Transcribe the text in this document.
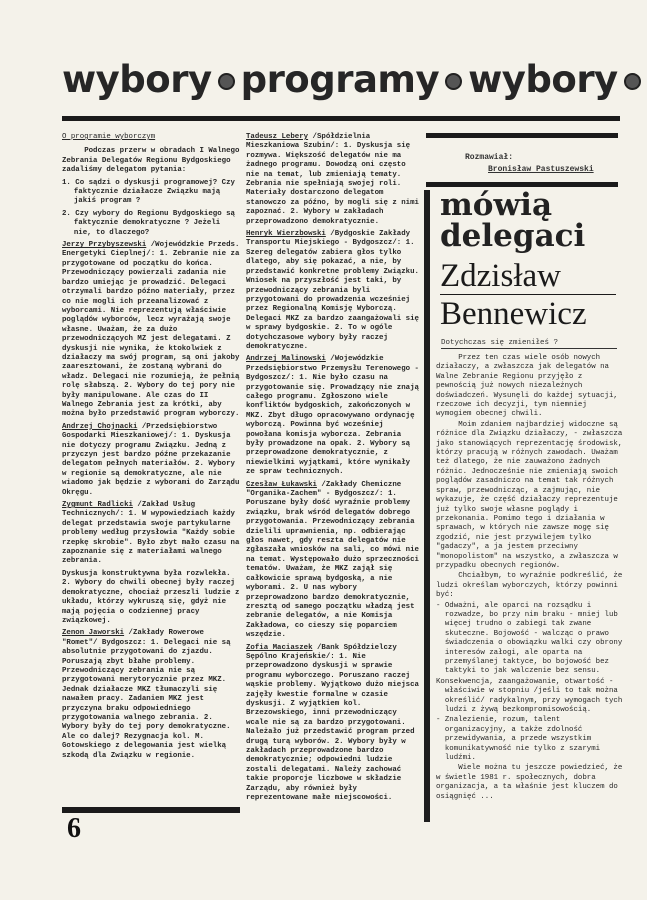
wybory programy wybory

O programie wyborczym

Podczas przerw w obradach I Walnego Zebrania Delegatów Regionu Bydgoskiego zadaliśmy delegatom pytania:

1. Co sądzi o dyskusji programowej? Czy faktycznie działacze Związku mają jakiś program ?

2. Czy wybory do Regionu Bydgoskiego są faktycznie demokratyczne ? Jeżeli nie, to dlaczego?

Jerzy Przybyszewski /Wojewódzkie Przeds. Energetyki Cieplnej/: 1. Zebranie nie za przygotowane od początku do końca. Przewodniczący powierzali zadania nie bardzo umiejąc je prowadzić. Delegaci otrzymali bardzo późno materiały, przez co nie mogli ich przeanalizować z wyborcami. Nie reprezentują właściwie poglądów wyborców, lecz wyrażają swoje własne. Uważam, że za dużo przewodniczących MZ jest delegatami. Z dyskusji nie wynika, że ktokolwiek z działaczy ma swój program, są oni jakoby zaaresztowani, że zostaną wybrani do władz. Delegaci nie rozumieją, że pełnią rolę słabszą. 2. Wybory do tej pory nie były manipulowane. Ale czas do II Walnego Zebrania jest za krótki, aby można było przedstawić program wyborczy.

Andrzej Chojnacki /Przedsiębiorstwo Gospodarki Mieszkaniowej/: 1. Dyskusja nie dotyczy programu Związku. Jedną z przyczyn jest bardzo późne przekazanie delegatom pełnych materiałów. 2. Wybory w regionie są demokratyczne, ale nie wiadomo jak będzie z wyborami do Zarządu Okręgu.

Zygmunt Radlicki /Zakład Usług Technicznych/: 1. W wypowiedziach każdy delegat przedstawia swoje partykularne problemy według przysłowia "Każdy sobie rzepkę skrobie". Było zbyt mało czasu na zapoznanie się z materiałami walnego zebrania.

Dyskusja konstruktywna była rozwlekła. 2. Wybory do chwili obecnej były raczej demokratyczne, chociaż przeszli ludzie z układu, którzy wykruszą się, gdyż nie mają pojęcia o codziennej pracy związkowej.

Zenon Jaworski /Zakłady Rowerowe "Romet"/ Bydgoszcz: 1. Delegaci nie są absolutnie przygotowani do zjazdu. Poruszają zbyt błahe problemy. Przewodniczący zebrania nie są przygotowani merytorycznie przez MKZ. Jednak działacze MKZ tłumaczyli się nawałem pracy. Zadaniem MKZ jest przyczyna braku odpowiedniego przygotowania walnego zebrania. 2. Wybory były do tej pory demokratyczne. Ale co dalej? Rezygnacja kol. M. Gotowskiego z delegowania jest wielką szkodą dla Związku w regionie.

6

Tadeusz Lebery /Spółdzielnia Mieszkaniowa Szubin/: 1. Dyskusja się rozmywa. Większość delegatów nie ma żadnego programu. Dowodzą oni często nie na temat, lub zmieniają tematy. Zebrania nie spełniają swojej roli. Materiały dostarczono delegatom stanowczo za późno, by mogli się z nimi zapoznać. 2. Wybory w zakładach przeprowadzono demokratycznie.

Henryk Wierzbowski /Bydgoskie Zakłady Transportu Miejskiego - Bydgoszcz/: 1. Szereg delegatów zabiera głos tylko dlatego, aby się pokazać, a nie, by przedstawić konkretne problemy Związku. Wniosek na przyszłość jest taki, by przewodniczący zebrania byli przygotowani do prowadzenia wcześniej przez Regionalną Komisję Wyborczą. Delegaci MKZ za bardzo zaangażowali się w sprawy bydgoskie. 2. To w ogóle dotychczasowe wybory były raczej demokratyczne.

Andrzej Malinowski /Wojewódzkie Przedsiębiorstwo Przemysłu Terenowego - Bydgoszcz/: 1. Nie było czasu na przygotowanie się. Prowadzący nie znają całego programu. Zgłoszono wiele konfliktów bydgoskich, zakończonych w MKZ. Zbyt długo opracowywano ordynację wyborczą. Powinna być wcześniej powołana komisja wyborcza. Zebrania były prowadzone na opak. 2. Wybory są przeprowadzone demokratycznie, z niewielkimi wyjątkami, które wynikały ze spraw technicznych.

Czesław Łukawski /Zakłady Chemiczne "Organika-Zachem" - Bydgoszcz/: 1. Poruszane były dość wyraźnie problemy związku, brak wśród delegatów dobrego przygotowania. Przewodniczący zebrania dzielili uprawnienia, np. odbierając głos nawet, gdy reszta delegatów nie zgłaszała wniosków na sali, co mówi nie na temat. Występowało dużo sprzeczności tematów. Uważam, że MKZ zajął się całkowicie sprawą bydgoską, a nie wyborami. 2. U nas wybory przeprowadzono bardzo demokratycznie, zresztą od samego początku władzą jest zebranie delegatów, a nie Komisja Zakładowa, co cieszy się poparciem wszędzie.

Zofia Maciaszek /Bank Spółdzielczy Sępólno Krajeńskie/: 1. Nie przeprowadzono dyskusji w sprawie programu wyborczego. Poruszano raczej wąskie problemy. Wyjątkowo dużo miejsca zajęły kwestie formalne w czasie dyskusji. Z wyjątkiem kol. Brzezowskiego, inni przewodniczący wcale nie są za bardzo przygotowani. Należało już przedstawić program przed drugą turą wyborów. 2. Wybory były w zakładach przeprowadzone bardzo demokratycznie; odpowiedni ludzie zostali delegatami. Należy zachować takie proporcje liczbowe w składzie Zarządu, aby również były reprezentowane małe miejscowości.

Rozmawiał:
Bronisław Pastuszewski
mówią
delegaci
Zdzisław
Bennewicz
Dotychczas się zmieniłeś ?

Przez ten czas wiele osób nowych działaczy, a zwłaszcza jak delegatów na Walne Zebranie Regionu przyjęło z pewnością już nowych niezależnych doświadczeń. Wysunęli do każdej sytuacji, rzeczowe ich decyzji, tym niemniej wymogiem obecnej chwili.

Moim zdaniem najbardziej widoczne są różnice dla Związku działaczy, - zwłaszcza jako stanowiących reprezentację środowisk, którzy pracują w różnych zawodach. Uważam też dlatego, że nie zauważono żadnych różnic. Jednocześnie nie zmieniają swoich poglądów zasadniczo na temat tak różnych spraw, przewodnicząc, a zajmując, nie wykazuje, że część działaczy reprezentuje już tylko swoje własne poglądy i przekonania. Pomimo tego i działania w sprawach, w których nie zawsze mogę się zgodzić, nie jest przywilejem tylko "gadaczy", a ja jestem przeciwny "monopolistom" na wszystko, a zwłaszcza w przypadku obecnych regionów.

Chciałbym, to wyraźnie podkreślić, że ludzi określam wyborczych, którzy powinni być:

- Odważni, ale oparci na rozsądku i rozwadze, bo przy nim braku - mniej lub więcej trudno o zabiegi tak zwane skuteczne. Bojowość - walcząc o prawo świadczenia o obowiązku walki czy obrony interesów załogi, ale oparta na przemyślanej taktyce, bo bojowość bez taktyki to jak walczenie bez sensu.

Konsekwencja, zaangażowanie, otwartość - właściwie w stopniu /jeśli to tak można określić/ radykalnym, przy wymogach tych ludzi z żywą bezkompromisowością.

- Znalezienie, rozum, talent organizacyjny, a także zdolność przewidywania, a przede wszystkim komunikatywność nie tylko z szarymi ludźmi.

Wiele można tu jeszcze powiedzieć, że w świetle 1981 r. społecznych, dobra organizacja, a ta właśnie jest kluczem do osiągnięć ...
